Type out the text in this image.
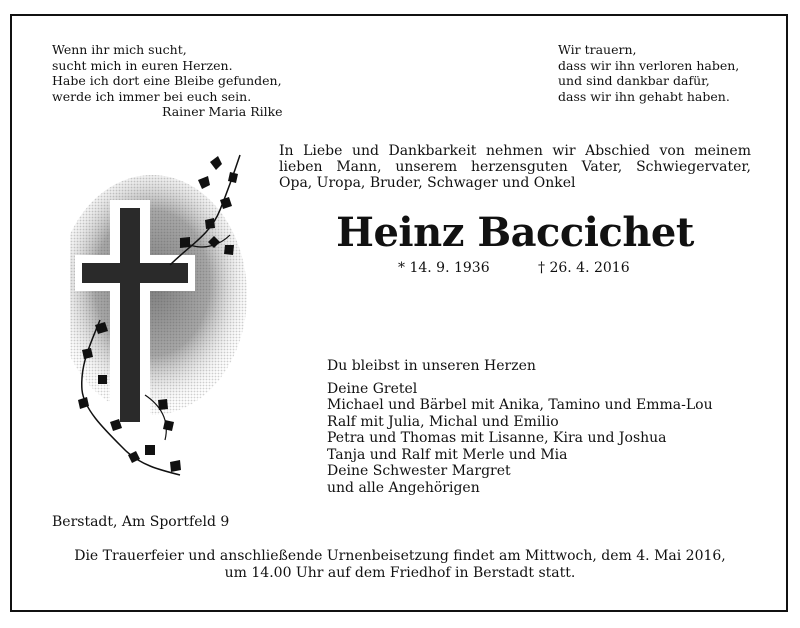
Wenn ihr mich sucht,
sucht mich in euren Herzen.
Habe ich dort eine Bleibe gefunden,
werde ich immer bei euch sein.
Rainer Maria Rilke
Wir trauern,
dass wir ihn verloren haben,
und sind dankbar dafür,
dass wir ihn gehabt haben.
In Liebe und Dankbarkeit nehmen wir Abschied von meinem
lieben Mann, unserem herzensguten Vater, Schwiegervater,
Opa, Uropa, Bruder, Schwager und Onkel
Heinz Baccichet
* 14. 9. 1936	† 26. 4. 2016
Du bleibst in unseren Herzen
Deine Gretel
Michael und Bärbel mit Anika, Tamino und Emma-Lou
Ralf mit Julia, Michal und Emilio
Petra und Thomas mit Lisanne, Kira und Joshua
Tanja und Ralf mit Merle und Mia
Deine Schwester Margret
und alle Angehörigen
Berstadt, Am Sportfeld 9
Die Trauerfeier und anschließende Urnenbeisetzung findet am Mittwoch, dem 4. Mai 2016,
um 14.00 Uhr auf dem Friedhof in Berstadt statt.
